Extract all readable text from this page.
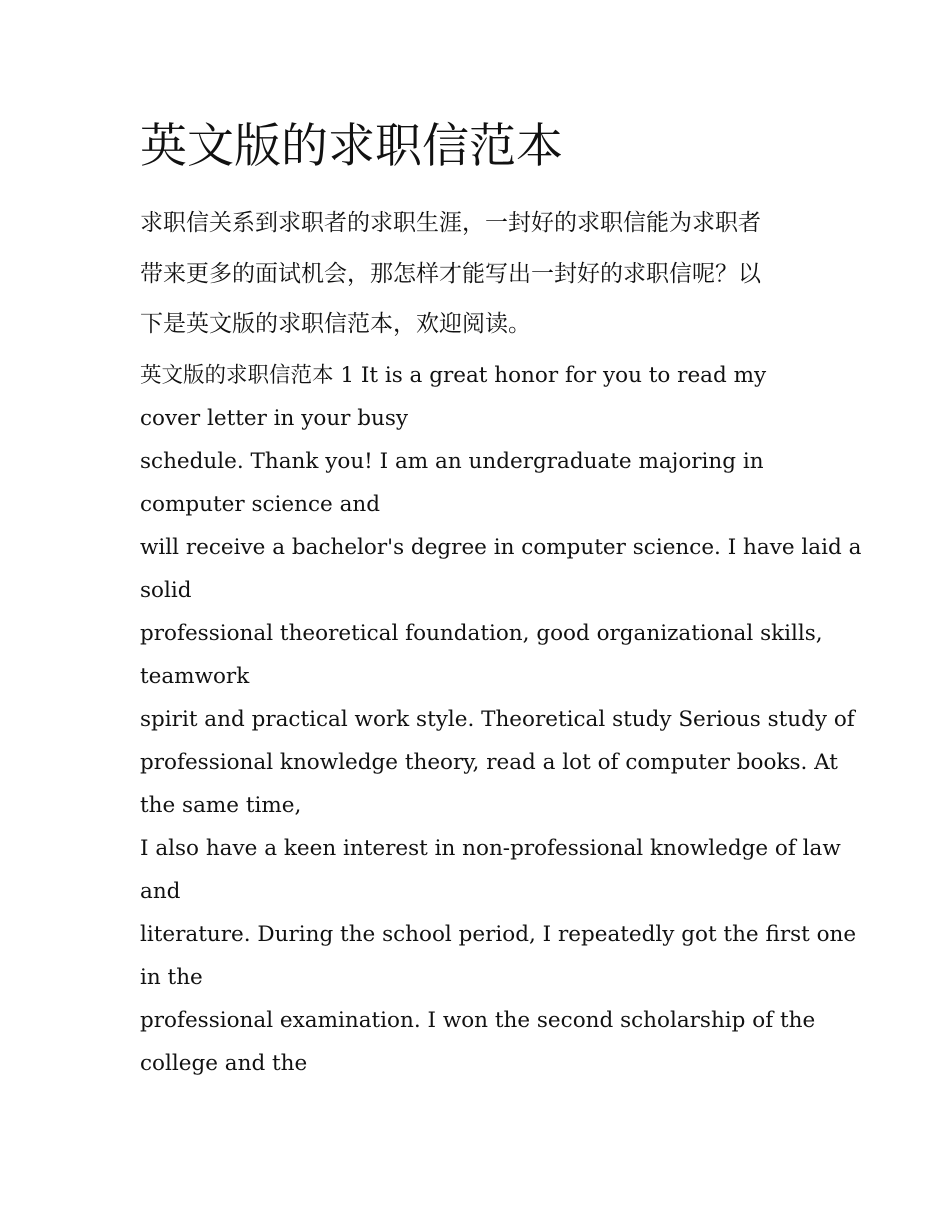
英文版的求职信范本
求职信关系到求职者的求职生涯，一封好的求职信能为求职者
带来更多的面试机会，那怎样才能写出一封好的求职信呢？以
下是英文版的求职信范本，欢迎阅读。
英文版的求职信范本 1 It is a great honor for you to read my
cover letter in your busy
schedule. Thank you! I am an undergraduate majoring in
computer science and
will receive a bachelor's degree in computer science. I have laid a
solid
professional theoretical foundation, good organizational skills,
teamwork
spirit and practical work style. Theoretical study Serious study of
professional knowledge theory, read a lot of computer books. At
the same time,
I also have a keen interest in non-professional knowledge of law
and
literature. During the school period, I repeatedly got the first one
in the
professional examination. I won the second scholarship of the
college and the
